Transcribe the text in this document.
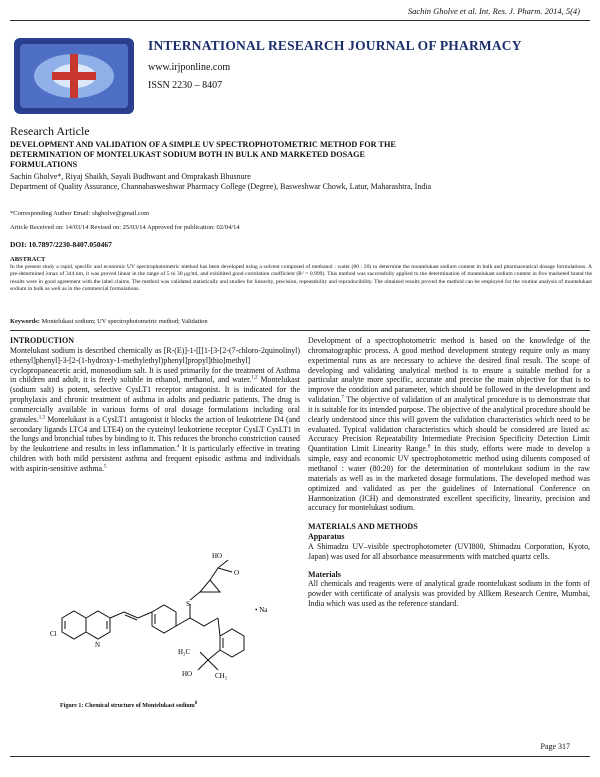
Sachin Gholve et al. Int. Res. J. Pharm. 2014, 5(4)
INTERNATIONAL RESEARCH JOURNAL OF PHARMACY
www.irjponline.com
ISSN 2230 – 8407
Research Article
DEVELOPMENT AND VALIDATION OF A SIMPLE UV SPECTROPHOTOMETRIC METHOD FOR THE DETERMINATION OF MONTELUKAST SODIUM BOTH IN BULK AND MARKETED DOSAGE FORMULATIONS
Sachin Gholve*, Riyaj Shaikh, Sayali Budhwant and Omprakash Bhusnure
Department of Quality Assurance, Channabasweshwar Pharmacy College (Degree), Basweshwar Chowk, Latur, Maharashtra, India
*Corresponding Author Email: shgholve@gmail.com
Article Received on: 14/03/14 Revised on: 25/03/14 Approved for publication: 02/04/14
DOI: 10.7897/2230-8407.050467
ABSTRACT
In the present study a rapid, specific and economic UV spectrophotometric method has been developed using a solvent composed of methanol : water (80 : 20) to determine the montelukast sodium content in bulk and pharmaceutical dosage formulations. A pre-determined λmax of 344 nm, it was proved linear in the range of 5 to 30 μg/ml, and exhibited good correlation coefficient (R² = 0.999). This method was successfully applied to the determination of montelukast sodium content in five marketed brand the results were in good agreement with the label claims. The method was validated statistically and studies for linearity, precision, repeatability and reproducibility. The obtained results proved the method can be employed for the routine analysis of montelukast sodium in bulk as well as in the commercial formulations.
Keywords: Montelukast sodium; UV spectrophotometric method; Validation
INTRODUCTION

Montelukast sodium is described chemically as [R-(E)]-1-[[[1-[3-[2-(7-chloro-2quinolinyl) ethenyl]phenyl]-3-[2-(1-hydroxy-1-methylethyl)phenyl]propyl]thio]methyl] cyclopropaneacetic acid, monosodium salt. It is used primarily for the treatment of Asthma in children and adult, it is freely soluble in ethanol, methanol, and water.$^{1,2}$ Montelukast (sodium salt) is potent, selective CysLT1 receptor antagonist. It is indicated for the prophylaxis and chronic treatment of asthma in adults and pediatric patients. The drug is commercially available in various forms of oral dosage formulations including oral granules.$^{1,3}$ Montelukast is a CysLT1 antagonist it blocks the action of leukotriene D4 (and secondary ligands LTC4 and LTE4) on the cysteinyl leukotriene receptor CysLT CysLT1 in the lungs and bronchial tubes by binding to it. This reduces the broncho constriction caused by the leukotriene and results in less inflammation.$^4$ It is particularly effective in treating children with both mild persistent asthma and frequent episodic asthma and individuals with aspirin-sensitive asthma.$^5$

HO
O
Cl
N
S
• Na
H₃C
HO	CH₃
Figure 1: Chemical structure of Montelukast sodium$^6$

Development of a spectrophotometric method is based on the knowledge of the chromatographic process. A good method development strategy require only as many experimental runs as are necessary to achieve the desired final result. The scope of developing and validating analytical method is to ensure a suitable method for a particular analyte more specific, accurate and precise the main objective for that is to improve the condition and parameter, which should be followed in the development and validation.$^7$ The objective of validation of an analytical procedure is to demonstrate that it is suitable for its intended purpose. The objective of the analytical procedure should be clearly understood since this will govern the validation characteristics which need to be evaluated. Typical validation characteristics which should be considered are listed as: Accuracy Precision Repeatability Intermediate Precision Specificity Detection Limit Quantitation Limit Linearity Range.$^8$ In this study, efforts were made to develop a simple, easy and economic UV spectrophotometric method using diluents composed of methanol : water (80:20) for the determination of montelukast sodium in the raw materials as well as in the marketed dosage formulations. The developed method was optimized and validated as per the guidelines of International Conference on Harmonization (ICH) and demonstrated excellent specificity, linearity, precision and accuracy for montelukast sodium.

MATERIALS AND METHODS
Apparatus

A Shimadzu UV–visible spectrophotometer (UVI800, Shimadzu Corporation, Kyoto, Japan) was used for all absorbance measurements with matched quartz cells.

Materials

All chemicals and reagents were of analytical grade montelukast sodium in the form of powder with certificate of analysis was provided by Allkem Research Centre, Mumbai, India which was used as the reference standard.

Page 317
